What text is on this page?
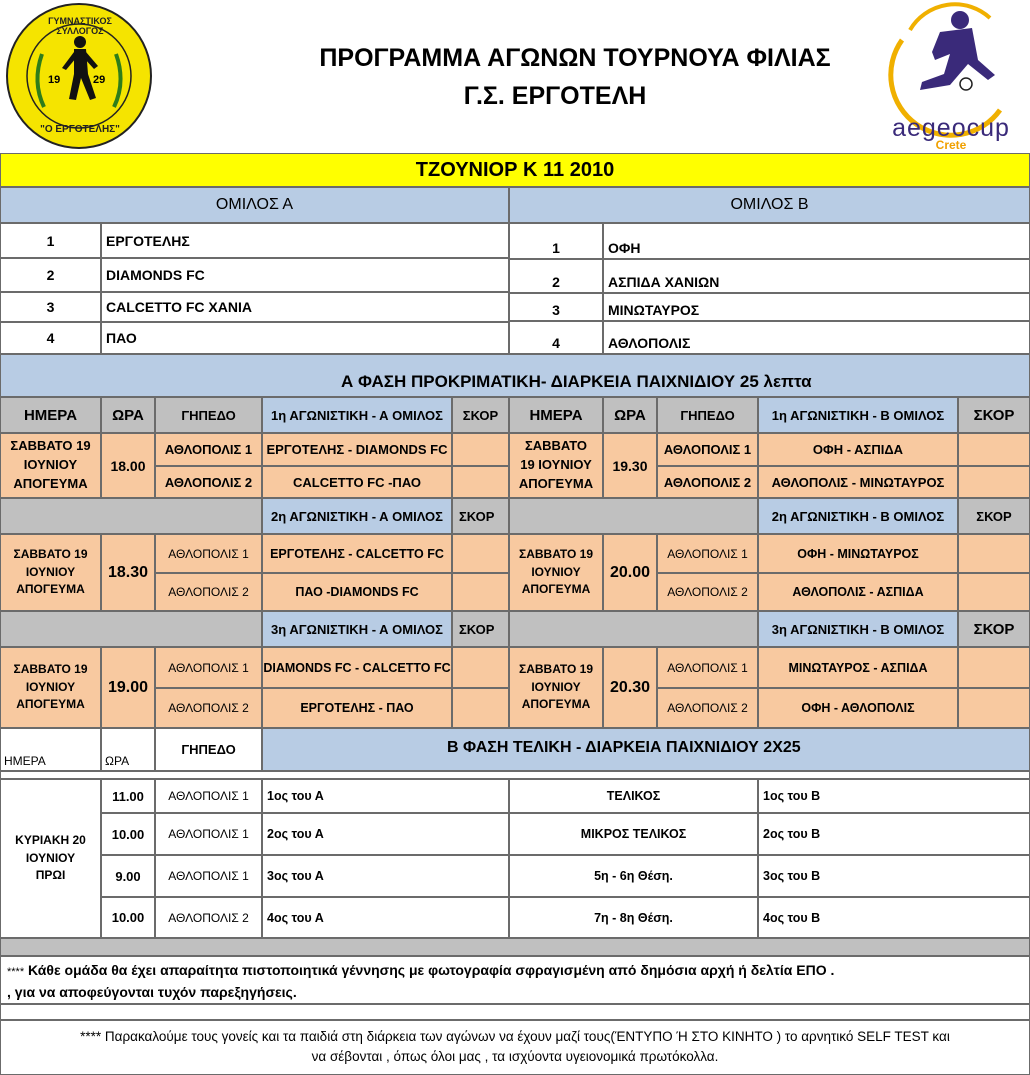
ΓΥΜΝΑΣΤΙΚΟΣ ΣΥΛΛΟΓΟΣ
19	29
"Ο ΕΡΓΟΤΕΛΗΣ"
ΠΡΟΓΡΑΜΜΑ ΑΓΩΝΩΝ ΤΟΥΡΝΟΥΑ ΦΙΛΙΑΣ
Γ.Σ. ΕΡΓΟΤΕΛΗ
aegeocup
Crete
ΤΖΟΥΝΙΟΡ Κ 11 2010
ΟΜΙΛΟΣ Α	ΟΜΙΛΟΣ Β
1	ΕΡΓΟΤΕΛΗΣ
2	DIAMONDS FC
3	CALCETTO FC ΧΑΝΙΑ
4	ΠΑΟ
1	ΟΦΗ
2	ΑΣΠΙΔΑ ΧΑΝΙΩΝ
3	ΜΙΝΩΤΑΥΡΟΣ
4	ΑΘΛΟΠΟΛΙΣ
Α ΦΑΣΗ ΠΡΟΚΡΙΜΑΤΙΚΗ- ΔΙΑΡΚΕΙΑ ΠΑΙΧΝΙΔΙΟΥ 25 λεπτα
ΗΜΕΡΑ	ΩΡΑ	ΓΗΠΕΔΟ	1η ΑΓΩΝΙΣΤΙΚΗ - Α ΟΜΙΛΟΣ	ΣΚΟΡ	ΗΜΕΡΑ	ΩΡΑ	ΓΗΠΕΔΟ	1η ΑΓΩΝΙΣΤΙΚΗ - Β ΟΜΙΛΟΣ	ΣΚΟΡ
ΣΑΒΒΑΤΟ 19 ΙΟΥΝΙΟΥ ΑΠΟΓΕΥΜΑ
18.00
ΑΘΛΟΠΟΛΙΣ 1	ΕΡΓΟΤΕΛΗΣ - DIAMONDS FC
ΑΘΛΟΠΟΛΙΣ 2	CALCETTO FC -ΠΑΟ
ΣΑΒΒΑΤΟ 19 ΙΟΥΝΙΟΥ ΑΠΟΓΕΥΜΑ
19.30
ΑΘΛΟΠΟΛΙΣ 1	ΟΦΗ - ΑΣΠΙΔΑ
ΑΘΛΟΠΟΛΙΣ 2	ΑΘΛΟΠΟΛΙΣ - ΜΙΝΩΤΑΥΡΟΣ
2η ΑΓΩΝΙΣΤΙΚΗ - Α ΟΜΙΛΟΣ	ΣΚΟΡ	2η ΑΓΩΝΙΣΤΙΚΗ - Β ΟΜΙΛΟΣ	ΣΚΟΡ
ΣΑΒΒΑΤΟ 19 ΙΟΥΝΙΟΥ ΑΠΟΓΕΥΜΑ
18.30
ΑΘΛΟΠΟΛΙΣ 1	ΕΡΓΟΤΕΛΗΣ - CALCETTO FC
ΑΘΛΟΠΟΛΙΣ 2	ΠΑΟ -DIAMONDS FC
ΣΑΒΒΑΤΟ 19 ΙΟΥΝΙΟΥ ΑΠΟΓΕΥΜΑ
20.00
ΑΘΛΟΠΟΛΙΣ 1	ΟΦΗ - ΜΙΝΩΤΑΥΡΟΣ
ΑΘΛΟΠΟΛΙΣ 2	ΑΘΛΟΠΟΛΙΣ - ΑΣΠΙΔΑ
3η ΑΓΩΝΙΣΤΙΚΗ - Α ΟΜΙΛΟΣ	ΣΚΟΡ	3η ΑΓΩΝΙΣΤΙΚΗ - Β ΟΜΙΛΟΣ	ΣΚΟΡ
ΣΑΒΒΑΤΟ 19 ΙΟΥΝΙΟΥ ΑΠΟΓΕΥΜΑ
19.00
ΑΘΛΟΠΟΛΙΣ 1	DIAMONDS FC - CALCETTO FC
ΑΘΛΟΠΟΛΙΣ 2	ΕΡΓΟΤΕΛΗΣ - ΠΑΟ
ΣΑΒΒΑΤΟ 19 ΙΟΥΝΙΟΥ ΑΠΟΓΕΥΜΑ
20.30
ΑΘΛΟΠΟΛΙΣ 1	ΜΙΝΩΤΑΥΡΟΣ - ΑΣΠΙΔΑ
ΑΘΛΟΠΟΛΙΣ 2	ΟΦΗ - ΑΘΛΟΠΟΛΙΣ
ΗΜΕΡΑ	ΩΡΑ
ΓΗΠΕΔΟ	Β ΦΑΣΗ ΤΕΛΙΚΗ - ΔΙΑΡΚΕΙΑ ΠΑΙΧΝΙΔΙΟΥ 2Χ25
ΚΥΡΙΑΚΗ 20 ΙΟΥΝΙΟΥ ΠΡΩΙ
11.00	ΑΘΛΟΠΟΛΙΣ 1	1ος του Α	ΤΕΛΙΚΟΣ	1ος του Β
10.00	ΑΘΛΟΠΟΛΙΣ 1	2ος του Α	ΜΙΚΡΟΣ ΤΕΛΙΚΟΣ	2ος του Β
9.00	ΑΘΛΟΠΟΛΙΣ 1	3ος του Α	5η - 6η Θέση.	3ος του Β
10.00	ΑΘΛΟΠΟΛΙΣ 2	4ος του Α	7η - 8η Θέση.	4ος του Β
**** Κάθε ομάδα θα έχει απαραίτητα πιστοποιητικά γέννησης με φωτογραφία σφραγισμένη από δημόσια αρχή ή δελτία ΕΠΟ .
, για να αποφεύγονται τυχόν παρεξηγήσεις.
**** Παρακαλούμε τους γονείς και τα παιδιά στη διάρκεια των αγώνων να έχουν μαζί τους(ΈΝΤΥΠΟ Ή ΣΤΟ ΚΙΝΗΤΟ ) το αρνητικό SELF TEST και
να σέβονται , όπως όλοι μας , τα ισχύοντα υγειονομικά πρωτόκολλα.
